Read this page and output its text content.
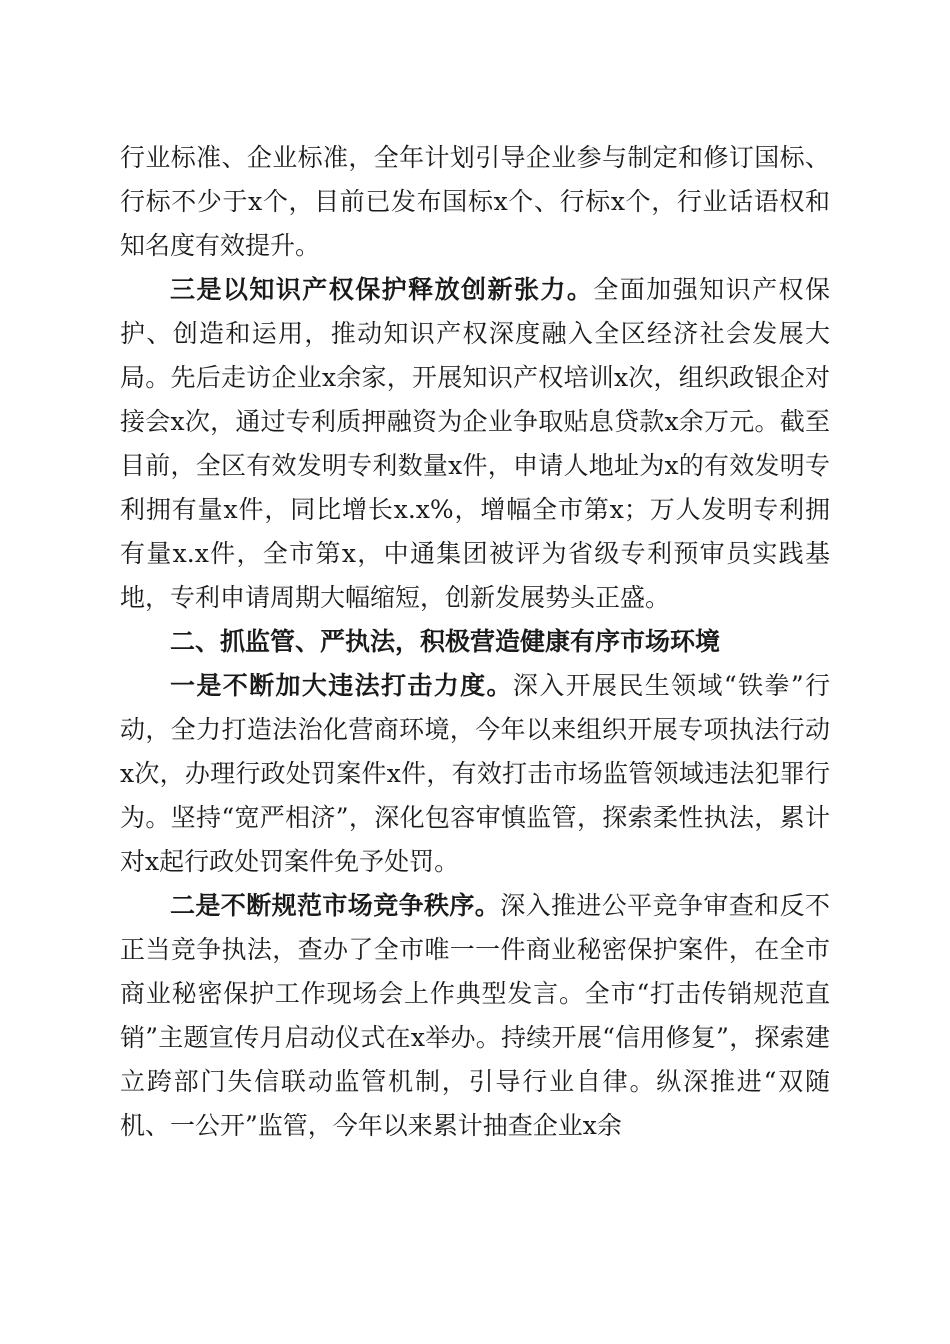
行业标准、企业标准，全年计划引导企业参与制定和修订国标、行标不少于x个，目前已发布国标x个、行标x个，行业话语权和知名度有效提升。

三是以知识产权保护释放创新张力。全面加强知识产权保护、创造和运用，推动知识产权深度融入全区经济社会发展大局。先后走访企业x余家，开展知识产权培训x次，组织政银企对接会x次，通过专利质押融资为企业争取贴息贷款x余万元。截至目前，全区有效发明专利数量x件，申请人地址为x的有效发明专利拥有量x件，同比增长x.x%，增幅全市第x；万人发明专利拥有量x.x件，全市第x，中通集团被评为省级专利预审员实践基地，专利申请周期大幅缩短，创新发展势头正盛。

二、抓监管、严执法，积极营造健康有序市场环境

一是不断加大违法打击力度。深入开展民生领域“铁拳”行动，全力打造法治化营商环境，今年以来组织开展专项执法行动x次，办理行政处罚案件x件，有效打击市场监管领域违法犯罪行为。坚持“宽严相济”，深化包容审慎监管，探索柔性执法，累计对x起行政处罚案件免予处罚。

二是不断规范市场竞争秩序。深入推进公平竞争审查和反不正当竞争执法，查办了全市唯一一件商业秘密保护案件，在全市商业秘密保护工作现场会上作典型发言。全市“打击传销规范直销”主题宣传月启动仪式在x举办。持续开展“信用修复”，探索建立跨部门失信联动监管机制，引导行业自律。纵深推进“双随机、一公开”监管，今年以来累计抽查企业x余
